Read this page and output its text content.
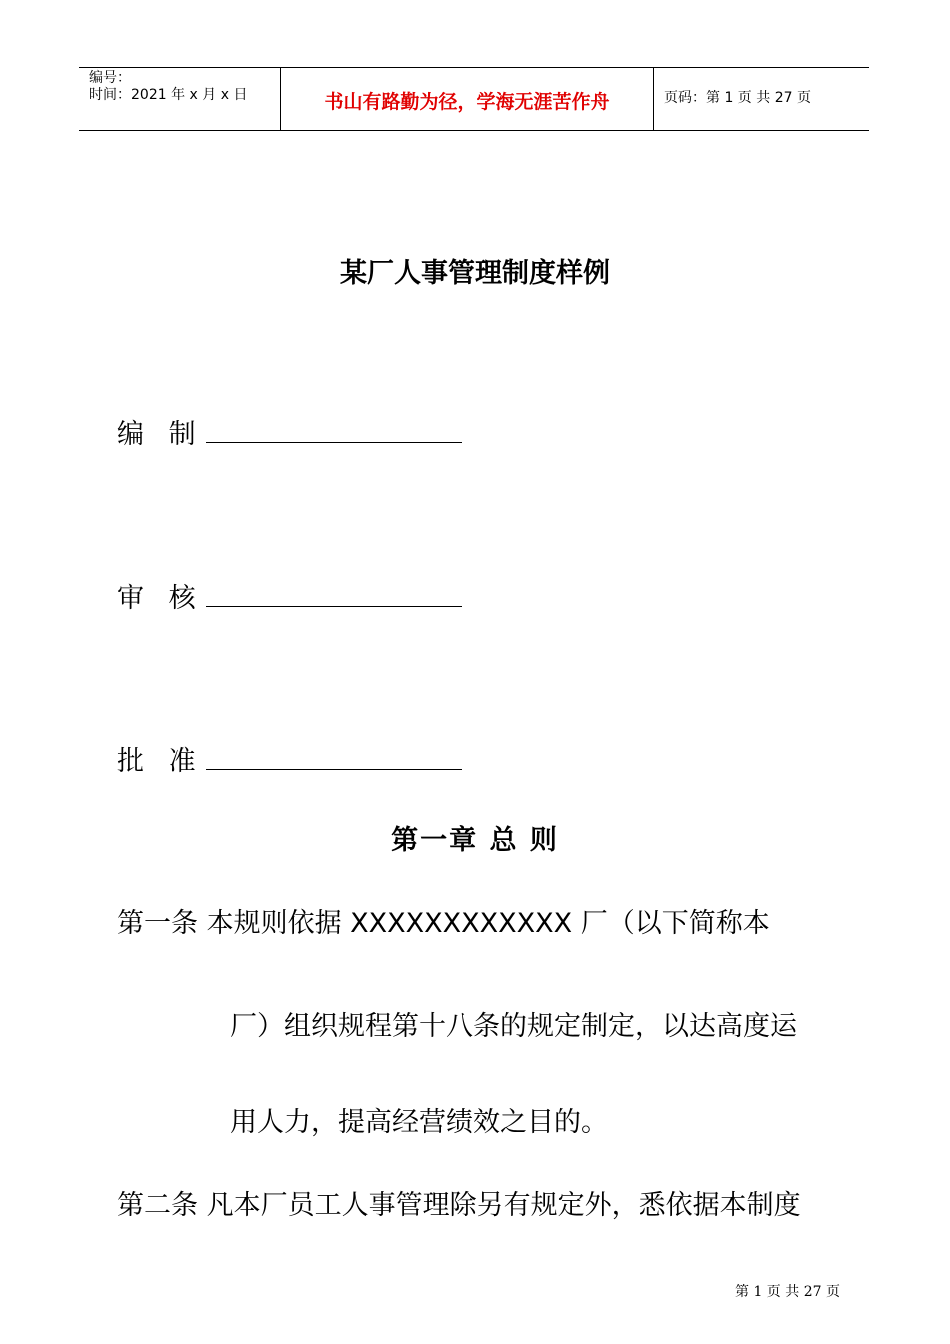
编号：
时间：2021 年 x 月 x 日	书山有路勤为径，学海无涯苦作舟	页码：第 1 页 共 27 页
某厂人事管理制度样例
编 制
审 核
批 准
第一章 总 则
第一条 本规则依据 XXXXXXXXXXXX 厂（以下简称本
厂）组织规程第十八条的规定制定，以达高度运
用人力，提高经营绩效之目的。
第二条 凡本厂员工人事管理除另有规定外，悉依据本制度
第 1 页 共 27 页
